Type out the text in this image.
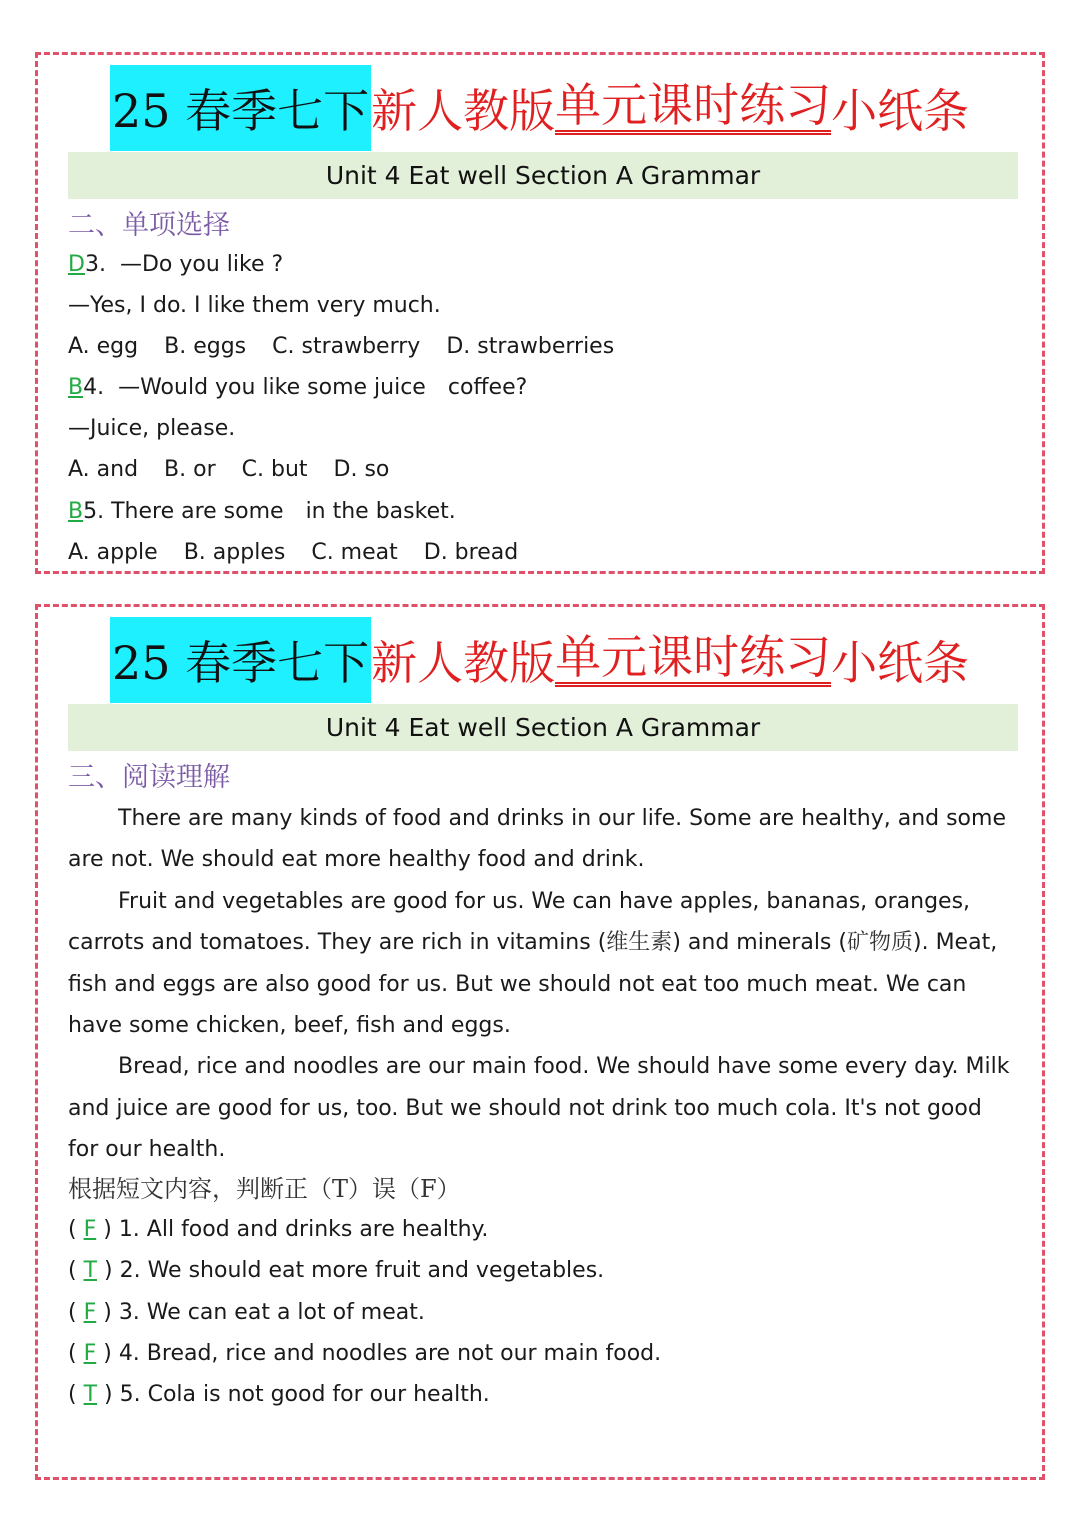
25 春季七下 新人教版 单元课时练习 小纸条
Unit 4 Eat well Section A Grammar
二、单项选择
D3. —Do you like ?
—Yes, I do. I like them very much.
A. egg B. eggs C. strawberry D. strawberries
B4. —Would you like some juice coffee?
—Juice, please.
A. and B. or C. but D. so
B5. There are some in the basket.
A. apple B. apples C. meat D. bread
25 春季七下 新人教版 单元课时练习 小纸条
Unit 4 Eat well Section A Grammar
三、阅读理解

There are many kinds of food and drinks in our life. Some are healthy, and some are not. We should eat more healthy food and drink.

Fruit and vegetables are good for us. We can have apples, bananas, oranges, carrots and tomatoes. They are rich in vitamins (维生素) and minerals (矿物质). Meat, fish and eggs are also good for us. But we should not eat too much meat. We can have some chicken, beef, fish and eggs.

Bread, rice and noodles are our main food. We should have some every day. Milk and juice are good for us, too. But we should not drink too much cola. It's not good for our health.

根据短文内容，判断正（T）误（F）
( F ) 1. All food and drinks are healthy.
( T ) 2. We should eat more fruit and vegetables.
( F ) 3. We can eat a lot of meat.
( F ) 4. Bread, rice and noodles are not our main food.
( T ) 5. Cola is not good for our health.
